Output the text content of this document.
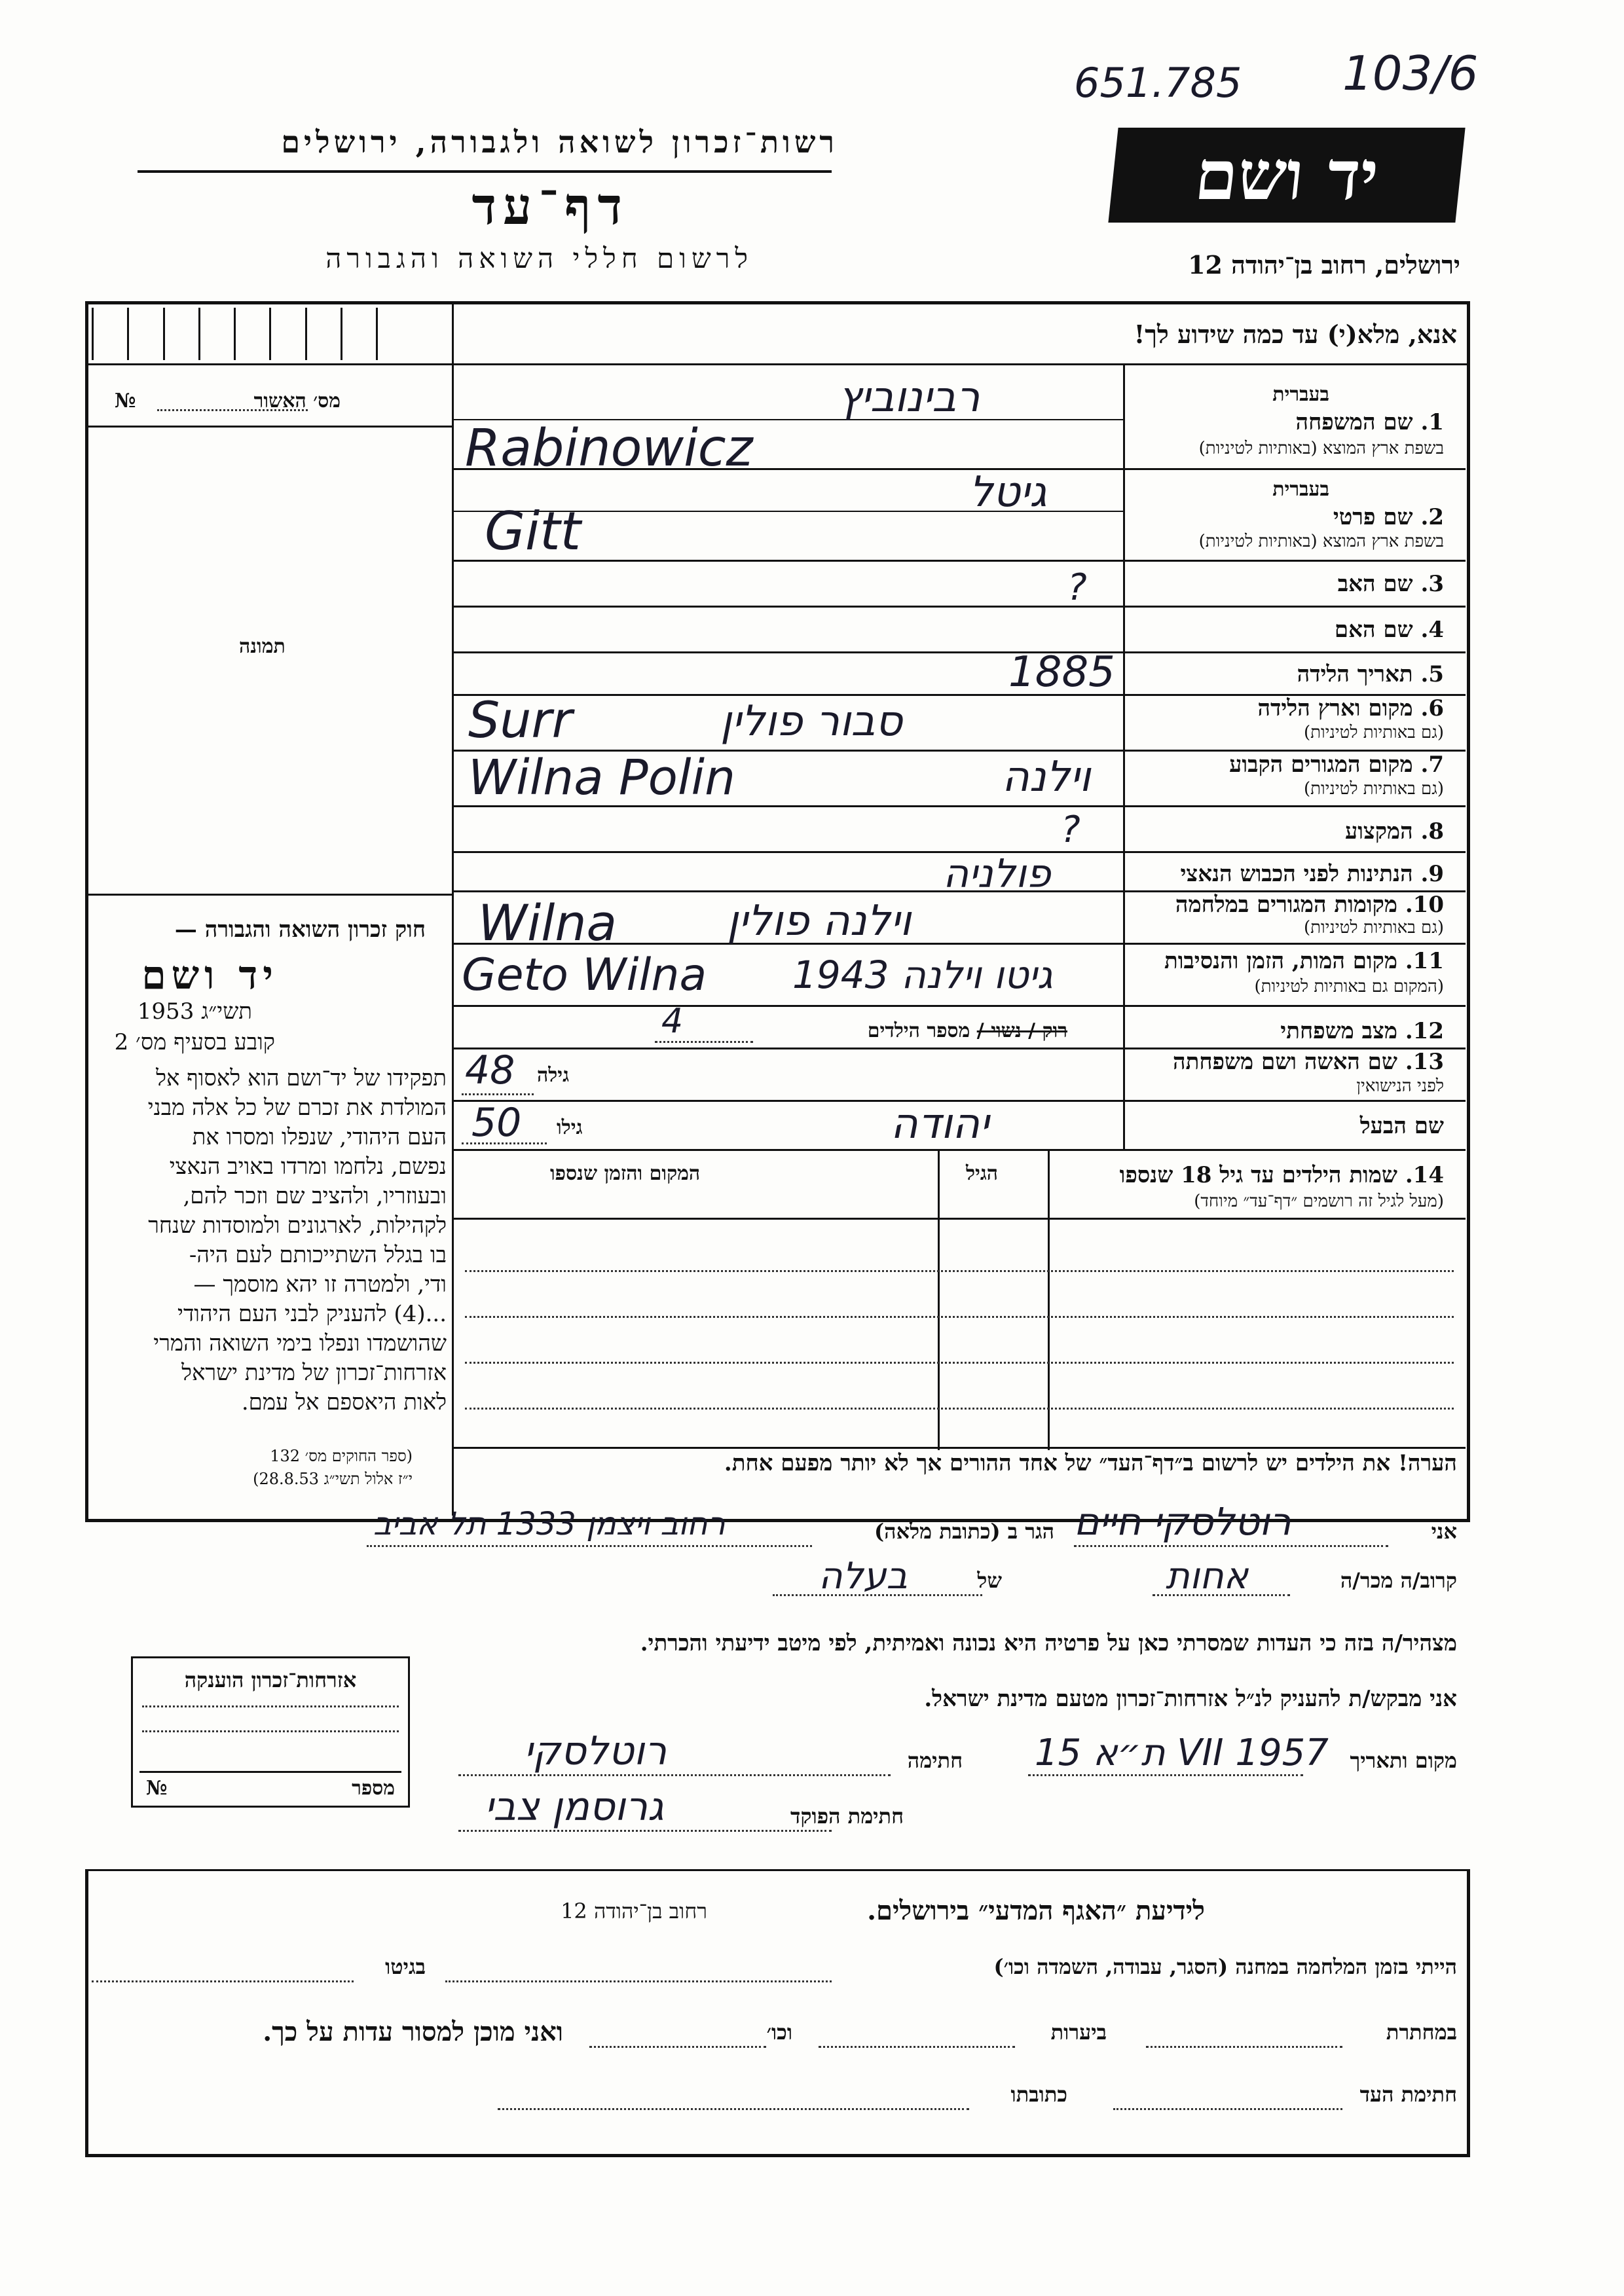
651.785 103/6
רשות־זכרון לשואה ולגבורה, ירושלים
דף־עד
לרשום חללי השואה והגבורה
יד ושם
ירושלים, רחוב בן־יהודה 12
אנא, מלא(י) עד כמה שידוע לך!
מס׳ האשור
№
תמונה
בעברית
1. שם המשפחה
בשפת ארץ המוצא (באותיות לטיניות)
בעברית
2. שם פרטי
בשפת ארץ המוצא (באותיות לטיניות)
3. שם האב
4. שם האם
5. תאריך הלידה
6. מקום וארץ הלידה
(גם באותיות לטיניות)
7. מקום המגורים הקבוע
(גם באותיות לטיניות)
8. המקצוע
9. הנתינות לפני הכבוש הנאצי
10. מקומות המגורים במלחמה
(גם באותיות לטיניות)
11. מקום המות, הזמן והנסיבות
(המקום גם באותיות לטיניות)
12. מצב משפחתי
13. שם האשה ושם משפחתה
לפני הנישואין
שם הבעל
רבינוביץ
Rabinowicz
גיטל
Gitt
?
1885
סבור פולין
Surr
וילנה
Wilna Polin
?
פולניה
וילנה פולין
Wilna
גיטו וילנה 1943
Geto Wilna
רוק / נשוי / מספר הילדים
4
גילה
48
יהודה
גילו
50
14. שמות הילדים עד גיל 18 שנספו
(מעל לגיל זה רושמים ״דף־עד״ מיוחד)
הגיל
המקום והזמן שנספו
הערה! את הילדים יש לרשום ב״דף־העד״ של אחד ההורים אך לא יותר מפעם אחת.
חוק זכרון השואה והגבורה —
יד ושם
תשי״ג 1953
קובע בסעיף מס׳ 2
תפקידו של יד־ושם הוא לאסוף אל
המולדת את זכרם של כל אלה מבני
העם היהודי, שנפלו ומסרו את
נפשם, נלחמו ומרדו באויב הנאצי
ובעוזריו, ולהציב שם וזכר להם,
לקהילות, לארגונים ולמוסדות שנחר
בו בגלל השתייכותם לעם היה-
ודי, ולמטרה זו יהא מוסמך —
...(4) להעניק לבני העם היהודי
שהושמדו ונפלו בימי השואה והמרי
אזרחות־זכרון של מדינת ישראל
לאות היאספם אל עמם.
(ספר החוקים מס׳ 132
י״ז אלול תשי״ג 28.8.53)
אני
רוטלסקי חיים
הגר ב (כתובת מלאה)
רחוב ויצמן 1333 תל אביב
קרוב/ה מכר/ה
אחות
של
בעלה
מצהיר/ה בזה כי העדות שמסרתי כאן על פרטיה היא נכונה ואמיתית, לפי מיטב ידיעתי והכרתי.
אני מבקש/ת להעניק לנ״ל אזרחות־זכרון מטעם מדינת ישראל.
מקום ותאריך
ת״א 15 VII 1957
חתימה
רוטלסקי
חתימת הפוקד
גרוסמן צבי
אזרחות־זכרון הוענקה
מספר
№
לידיעת ״האגף המדעי״ בירושלים.
רחוב בן־יהודה 12
הייתי בזמן המלחמה במחנה (הסגר, עבודה, השמדה וכו׳)
בגיטו
במחתרת
ביערות
וכו׳
ואני מוכן למסור עדות על כך.
חתימת העד
כתובתו
